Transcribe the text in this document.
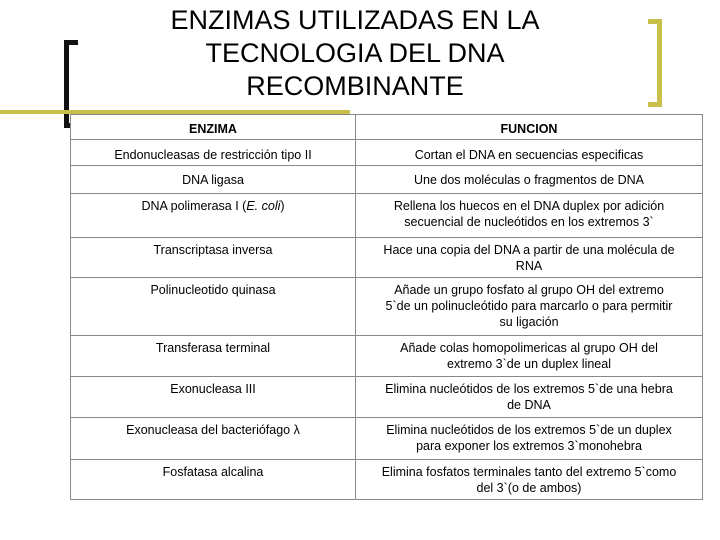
ENZIMAS UTILIZADAS EN LA
TECNOLOGIA DEL DNA
RECOMBINANTE
ENZIMA	FUNCION
Endonucleasas de restricción tipo II	Cortan el DNA en secuencias especificas
DNA ligasa	Une dos moléculas o fragmentos de DNA
DNA polimerasa I (E. coli)	Rellena los huecos en el DNA duplex por adición
secuencial de nucleótidos en los extremos 3`
Transcriptasa inversa	Hace una copia del DNA a partir de una molécula de
RNA
Polinucleotido quinasa	Añade un grupo fosfato al grupo OH del extremo
5`de un polinucleótido para marcarlo o para permitir
su ligación
Transferasa terminal	Añade colas homopolimericas al grupo OH del
extremo 3`de un duplex lineal
Exonucleasa III	Elimina nucleótidos de los extremos 5`de una hebra
de DNA
Exonucleasa del bacteriófago λ	Elimina nucleótidos de los extremos 5`de un duplex
para exponer los extremos 3`monohebra
Fosfatasa alcalina	Elimina fosfatos terminales tanto del extremo 5`como
del 3`(o de ambos)
